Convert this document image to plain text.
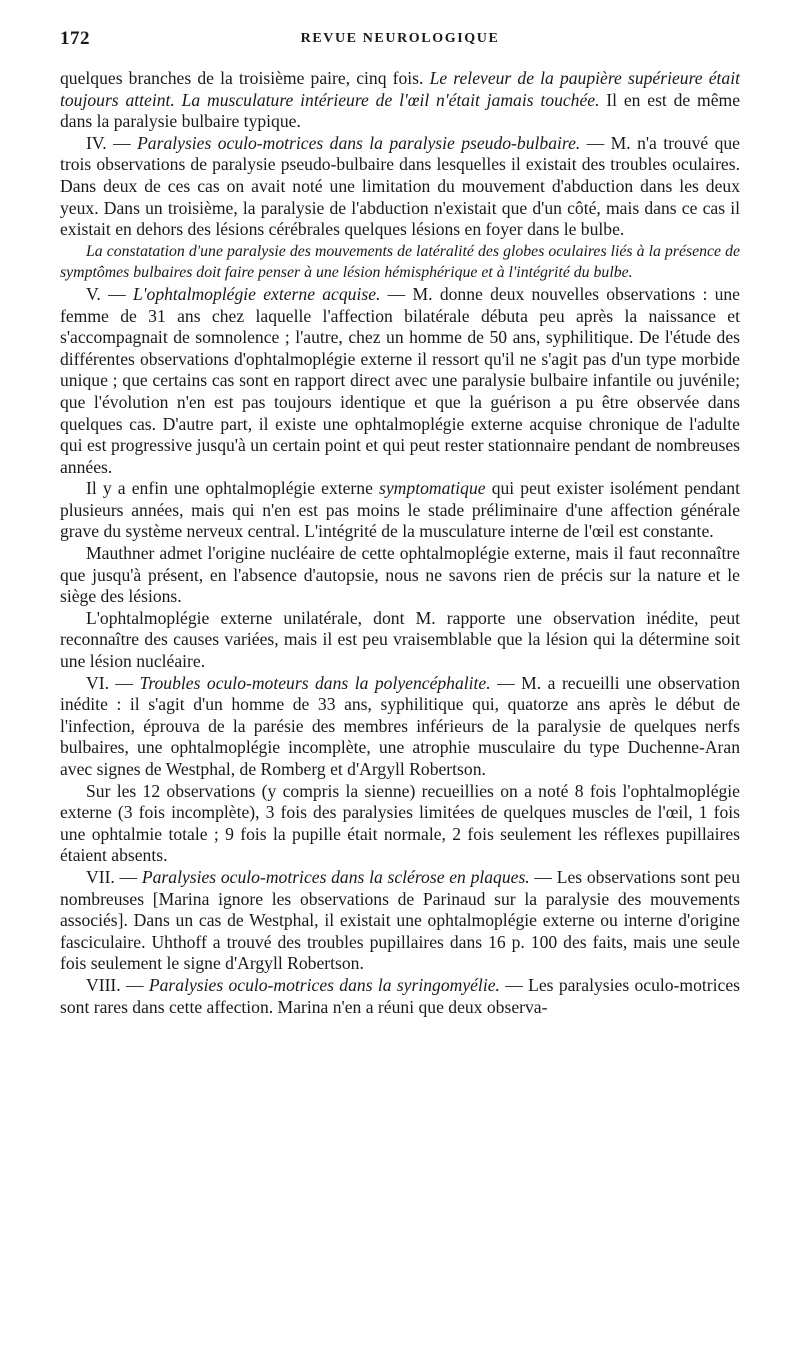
172	REVUE NEUROLOGIQUE

quelques branches de la troisième paire, cinq fois. Le releveur de la paupière supérieure était toujours atteint. La musculature intérieure de l'œil n'était jamais touchée. Il en est de même dans la paralysie bulbaire typique.

IV. — Paralysies oculo-motrices dans la paralysie pseudo-bulbaire. — M. n'a trouvé que trois observations de paralysie pseudo-bulbaire dans lesquelles il existait des troubles oculaires. Dans deux de ces cas on avait noté une limitation du mouvement d'abduction dans les deux yeux. Dans un troisième, la paralysie de l'abduction n'existait que d'un côté, mais dans ce cas il existait en dehors des lésions cérébrales quelques lésions en foyer dans le bulbe.

La constatation d'une paralysie des mouvements de latéralité des globes oculaires liés à la présence de symptômes bulbaires doit faire penser à une lésion hémisphérique et à l'intégrité du bulbe.

V. — L'ophtalmoplégie externe acquise. — M. donne deux nouvelles observations : une femme de 31 ans chez laquelle l'affection bilatérale débuta peu après la naissance et s'accompagnait de somnolence ; l'autre, chez un homme de 50 ans, syphilitique. De l'étude des différentes observations d'ophtalmoplégie externe il ressort qu'il ne s'agit pas d'un type morbide unique ; que certains cas sont en rapport direct avec une paralysie bulbaire infantile ou juvénile; que l'évolution n'en est pas toujours identique et que la guérison a pu être observée dans quelques cas. D'autre part, il existe une ophtalmoplégie externe acquise chronique de l'adulte qui est progressive jusqu'à un certain point et qui peut rester stationnaire pendant de nombreuses années.

Il y a enfin une ophtalmoplégie externe symptomatique qui peut exister isolément pendant plusieurs années, mais qui n'en est pas moins le stade préliminaire d'une affection générale grave du système nerveux central. L'intégrité de la musculature interne de l'œil est constante.

Mauthner admet l'origine nucléaire de cette ophtalmoplégie externe, mais il faut reconnaître que jusqu'à présent, en l'absence d'autopsie, nous ne savons rien de précis sur la nature et le siège des lésions.

L'ophtalmoplégie externe unilatérale, dont M. rapporte une observation inédite, peut reconnaître des causes variées, mais il est peu vraisemblable que la lésion qui la détermine soit une lésion nucléaire.

VI. — Troubles oculo-moteurs dans la polyencéphalite. — M. a recueilli une observation inédite : il s'agit d'un homme de 33 ans, syphilitique qui, quatorze ans après le début de l'infection, éprouva de la parésie des membres inférieurs de la paralysie de quelques nerfs bulbaires, une ophtalmoplégie incomplète, une atrophie musculaire du type Duchenne-Aran avec signes de Westphal, de Romberg et d'Argyll Robertson.

Sur les 12 observations (y compris la sienne) recueillies on a noté 8 fois l'ophtalmoplégie externe (3 fois incomplète), 3 fois des paralysies limitées de quelques muscles de l'œil, 1 fois une ophtalmie totale ; 9 fois la pupille était normale, 2 fois seulement les réflexes pupillaires étaient absents.

VII. — Paralysies oculo-motrices dans la sclérose en plaques. — Les observations sont peu nombreuses [Marina ignore les observations de Parinaud sur la paralysie des mouvements associés]. Dans un cas de Westphal, il existait une ophtalmoplégie externe ou interne d'origine fasciculaire. Uhthoff a trouvé des troubles pupillaires dans 16 p. 100 des faits, mais une seule fois seulement le signe d'Argyll Robertson.

VIII. — Paralysies oculo-motrices dans la syringomyélie. — Les paralysies oculo-motrices sont rares dans cette affection. Marina n'en a réuni que deux observa-
